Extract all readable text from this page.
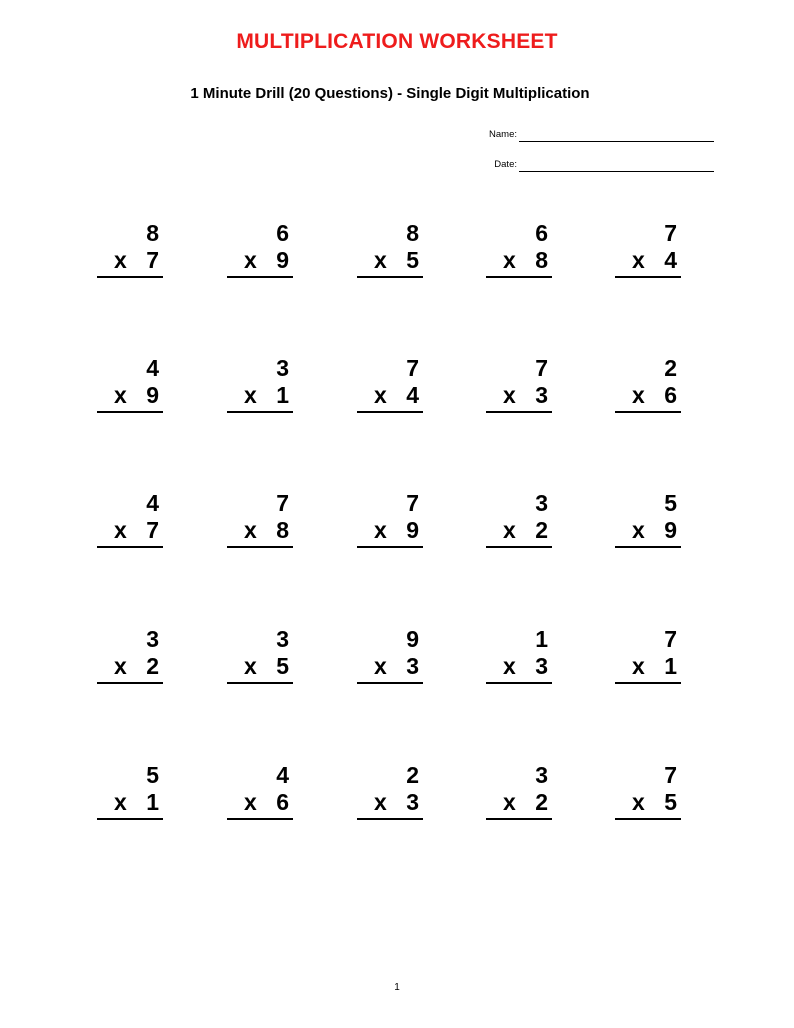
MULTIPLICATION WORKSHEET
1 Minute Drill (20 Questions) - Single Digit Multiplication
Name:
Date:
8
x 7
6
x 9
8
x 5
6
x 8
7
x 4
4
x 9
3
x 1
7
x 4
7
x 3
2
x 6
4
x 7
7
x 8
7
x 9
3
x 2
5
x 9
3
x 2
3
x 5
9
x 3
1
x 3
7
x 1
5
x 1
4
x 6
2
x 3
3
x 2
7
x 5
1
